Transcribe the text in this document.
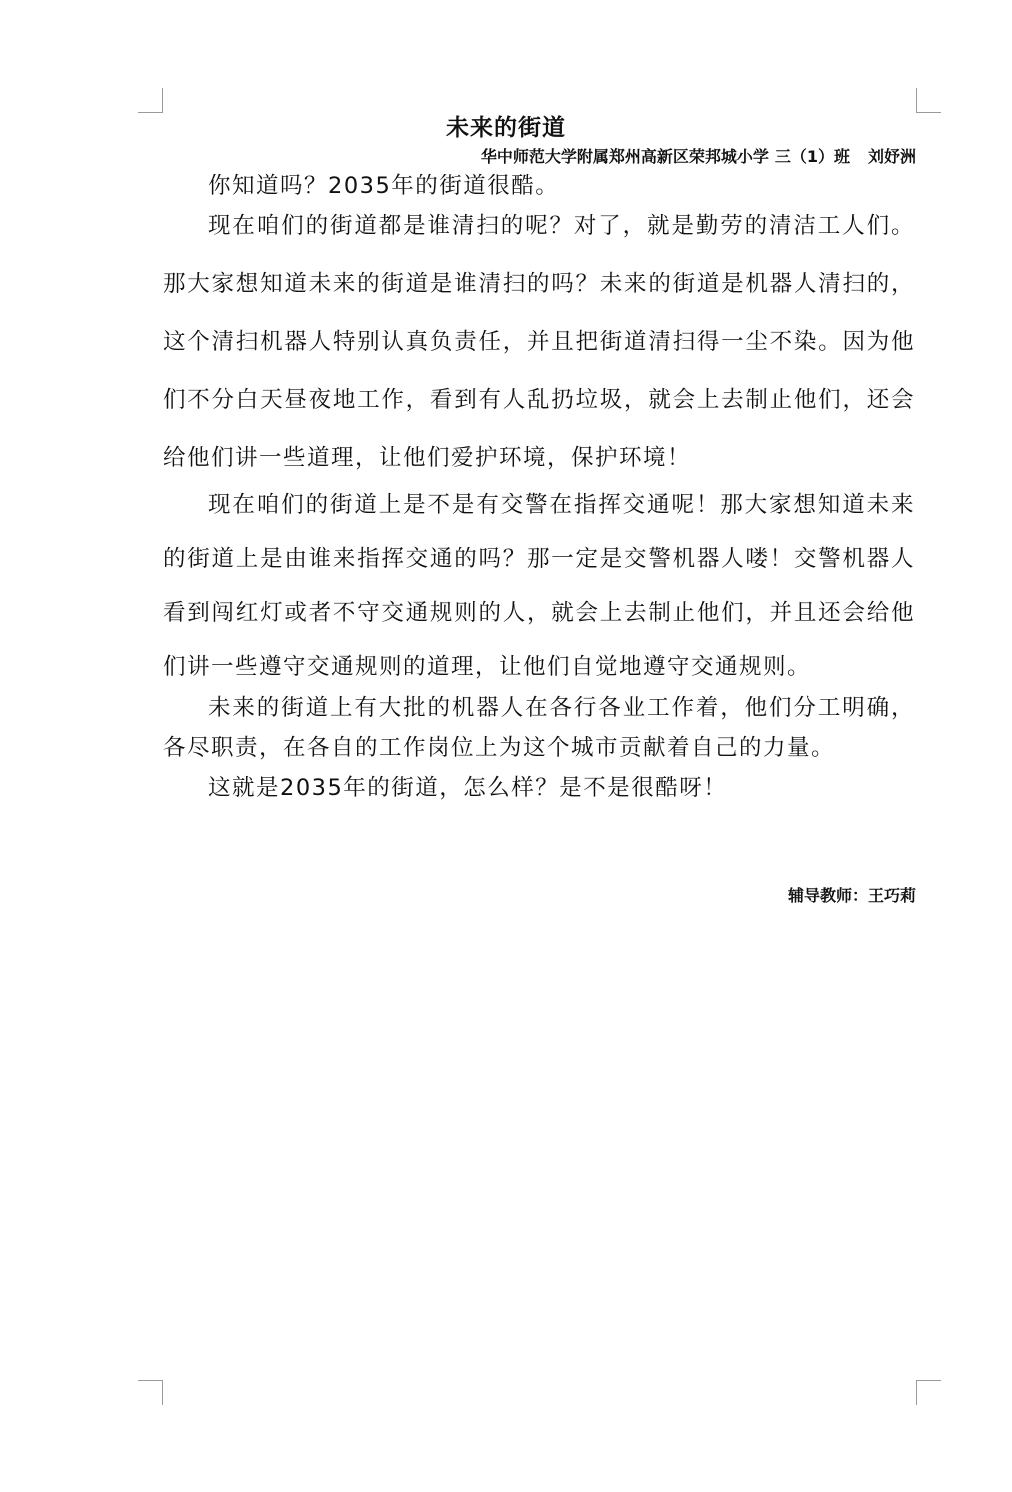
未来的街道
华中师范大学附属郑州高新区荣邦城小学 三（1）班 刘妤洲

你知道吗？2035年的街道很酷。

现在咱们的街道都是谁清扫的呢？对了，就是勤劳的清洁工人们。那大家想知道未来的街道是谁清扫的吗？未来的街道是机器人清扫的，这个清扫机器人特别认真负责任，并且把街道清扫得一尘不染。因为他们不分白天昼夜地工作，看到有人乱扔垃圾，就会上去制止他们，还会给他们讲一些道理，让他们爱护环境，保护环境！

现在咱们的街道上是不是有交警在指挥交通呢！那大家想知道未来的街道上是由谁来指挥交通的吗？那一定是交警机器人喽！交警机器人看到闯红灯或者不守交通规则的人，就会上去制止他们，并且还会给他们讲一些遵守交通规则的道理，让他们自觉地遵守交通规则。

未来的街道上有大批的机器人在各行各业工作着，他们分工明确，各尽职责，在各自的工作岗位上为这个城市贡献着自己的力量。

这就是2035年的街道，怎么样？是不是很酷呀！

辅导教师：王巧莉
